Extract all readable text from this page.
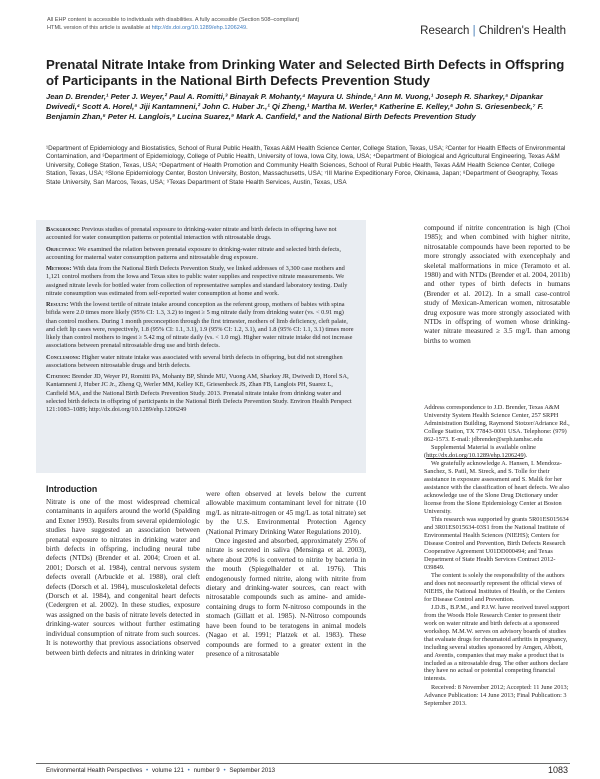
All EHP content is accessible to individuals with disabilities. A fully accessible (Section 508–compliant)
HTML version of this article is available at http://dx.doi.org/10.1289/ehp.1206249.	Research | Children's Health
Prenatal Nitrate Intake from Drinking Water and Selected Birth Defects in Offspring of Participants in the National Birth Defects Prevention Study
Jean D. Brender,¹ Peter J. Weyer,² Paul A. Romitti,³ Binayak P. Mohanty,⁴ Mayura U. Shinde,¹ Ann M. Vuong,¹ Joseph R. Sharkey,⁵ Dipankar Dwivedi,⁴ Scott A. Horel,⁵ Jiji Kantamneni,² John C. Huber Jr.,¹ Qi Zheng,¹ Martha M. Werler,⁶ Katherine E. Kelley,⁶ John S. Griesenbeck,⁷ F. Benjamin Zhan,⁸ Peter H. Langlois,⁹ Lucina Suarez,⁹ Mark A. Canfield,⁹ and the National Birth Defects Prevention Study
¹Department of Epidemiology and Biostatistics, School of Rural Public Health, Texas A&M Health Science Center, College Station, Texas, USA; ²Center for Health Effects of Environmental Contamination, and ³Department of Epidemiology, College of Public Health, University of Iowa, Iowa City, Iowa, USA; ⁴Department of Biological and Agricultural Engineering, Texas A&M University, College Station, Texas, USA; ⁵Department of Health Promotion and Community Health Sciences, School of Rural Public Health, Texas A&M Health Science Center, College Station, Texas, USA; ⁶Slone Epidemiology Center, Boston University, Boston, Massachusetts, USA; ⁷III Marine Expeditionary Force, Okinawa, Japan; ⁸Department of Geography, Texas State University, San Marcos, Texas, USA; ⁹Texas Department of State Health Services, Austin, Texas, USA

Background: Previous studies of prenatal exposure to drinking-water nitrate and birth defects in offspring have not accounted for water consumption patterns or potential interaction with nitrosatable drugs.

Objectives: We examined the relation between prenatal exposure to drinking-water nitrate and selected birth defects, accounting for maternal water consumption patterns and nitrosatable drug exposure.

Methods: With data from the National Birth Defects Prevention Study, we linked addresses of 3,300 case mothers and 1,121 control mothers from the Iowa and Texas sites to public water supplies and respective nitrate measurements. We assigned nitrate levels for bottled water from collection of representative samples and standard laboratory testing. Daily nitrate consumption was estimated from self-reported water consumption at home and work.

Results: With the lowest tertile of nitrate intake around conception as the referent group, mothers of babies with spina bifida were 2.0 times more likely (95% CI: 1.3, 3.2) to ingest ≥ 5 mg nitrate daily from drinking water (vs. < 0.91 mg) than control mothers. During 1 month preconception through the first trimester, mothers of limb deficiency, cleft palate, and cleft lip cases were, respectively, 1.8 (95% CI: 1.1, 3.1), 1.9 (95% CI: 1.2, 3.1), and 1.8 (95% CI: 1.1, 3.1) times more likely than control mothers to ingest ≥ 5.42 mg of nitrate daily (vs. < 1.0 mg). Higher water nitrate intake did not increase associations between prenatal nitrosatable drug use and birth defects.

Conclusions: Higher water nitrate intake was associated with several birth defects in offspring, but did not strengthen associations between nitrosatable drugs and birth defects.

Citation: Brender JD, Weyer PJ, Romitti PA, Mohanty BP, Shinde MU, Vuong AM, Sharkey JR, Dwivedi D, Horel SA, Kantamneni J, Huber JC Jr., Zheng Q, Werler MM, Kelley KE, Griesenbeck JS, Zhan FB, Langlois PH, Suarez L, Canfield MA, and the National Birth Defects Prevention Study. 2013. Prenatal nitrate intake from drinking water and selected birth defects in offspring of participants in the National Birth Defects Prevention Study. Environ Health Perspect 121:1083–1089; http://dx.doi.org/10.1289/ehp.1206249

Introduction

Nitrate is one of the most widespread chemical contaminants in aquifers around the world (Spalding and Exner 1993). Results from several epidemiologic studies have suggested an association between prenatal exposure to nitrates in drinking water and birth defects in offspring, including neural tube defects (NTDs) (Brender et al. 2004; Croen et al. 2001; Dorsch et al. 1984), central nervous system defects overall (Arbuckle et al. 1988), oral cleft defects (Dorsch et al. 1984), musculoskeletal defects (Dorsch et al. 1984), and congenital heart defects (Cedergren et al. 2002). In these studies, exposure was assigned on the basis of nitrate levels detected in drinking-water sources without further estimating individual consumption of nitrate from such sources. It is noteworthy that previous associations observed between birth defects and nitrates in drinking water

were often observed at levels below the current allowable maximum contaminant level for nitrate (10 mg/L as nitrate-nitrogen or 45 mg/L as total nitrate) set by the U.S. Environmental Protection Agency (National Primary Drinking Water Regulations 2010).

Once ingested and absorbed, approximately 25% of nitrate is secreted in saliva (Mensinga et al. 2003), where about 20% is converted to nitrite by bacteria in the mouth (Spiegelhalder et al. 1976). This endogenously formed nitrite, along with nitrite from dietary and drinking-water sources, can react with nitrosatable compounds such as amine- and amide-containing drugs to form N-nitroso compounds in the stomach (Gillatt et al. 1985). N-Nitroso compounds have been found to be teratogens in animal models (Nagao et al. 1991; Platzek et al. 1983). These compounds are formed to a greater extent in the presence of a nitrosatable

compound if nitrite concentration is high (Choi 1985); and when combined with higher nitrite, nitrosatable compounds have been reported to be more strongly associated with exencephaly and skeletal malformations in mice (Teramoto et al. 1980) and with NTDs (Brender et al. 2004, 2011b) and other types of birth defects in humans (Brender et al. 2012). In a small case-control study of Mexican-American women, nitrosatable drug exposure was more strongly associated with NTDs in offspring of women whose drinking-water nitrate measured ≥ 3.5 mg/L than among births to women

Address correspondence to J.D. Brender, Texas A&M University System Health Science Center, 257 SRPH Administration Building, Raymond Stotzer/Adriance Rd., College Station, TX 77843-0001 USA. Telephone: (979) 862-1573. E-mail: jdbrender@srph.tamhsc.edu

Supplemental Material is available online (http://dx.doi.org/10.1289/ehp.1206249).

We gratefully acknowledge A. Hansen, I. Mendoza-Sanchez, S. Patil, M. Streck, and S. Tolle for their assistance in exposure assessment and S. Malik for her assistance with the classification of heart defects. We also acknowledge use of the Slone Drug Dictionary under license from the Slone Epidemiology Center at Boston University.

This research was supported by grants 5R01ES015634 and 3R01ES015634-03S1 from the National Institute of Environmental Health Sciences (NIEHS); Centers for Disease Control and Prevention, Birth Defects Research Cooperative Agreement U01DD000494; and Texas Department of State Health Services Contract 2012-039849.

The content is solely the responsibility of the authors and does not necessarily represent the official views of NIEHS, the National Institutes of Health, or the Centers for Disease Control and Prevention.

J.D.B., B.P.M., and P.J.W. have received travel support from the Woods Hole Research Center to present their work on water nitrate and birth defects at a sponsored workshop. M.M.W. serves on advisory boards of studies that evaluate drugs for rheumatoid arthritis in pregnancy, including several studies sponsored by Amgen, Abbott, and Aventis, companies that may make a product that is included as a nitrosatable drug. The other authors declare they have no actual or potential competing financial interests.

Received: 8 November 2012; Accepted: 11 June 2013; Advance Publication: 14 June 2013; Final Publication: 3 September 2013.

Environmental Health Perspectives • volume 121 • number 9 • September 2013	1083
